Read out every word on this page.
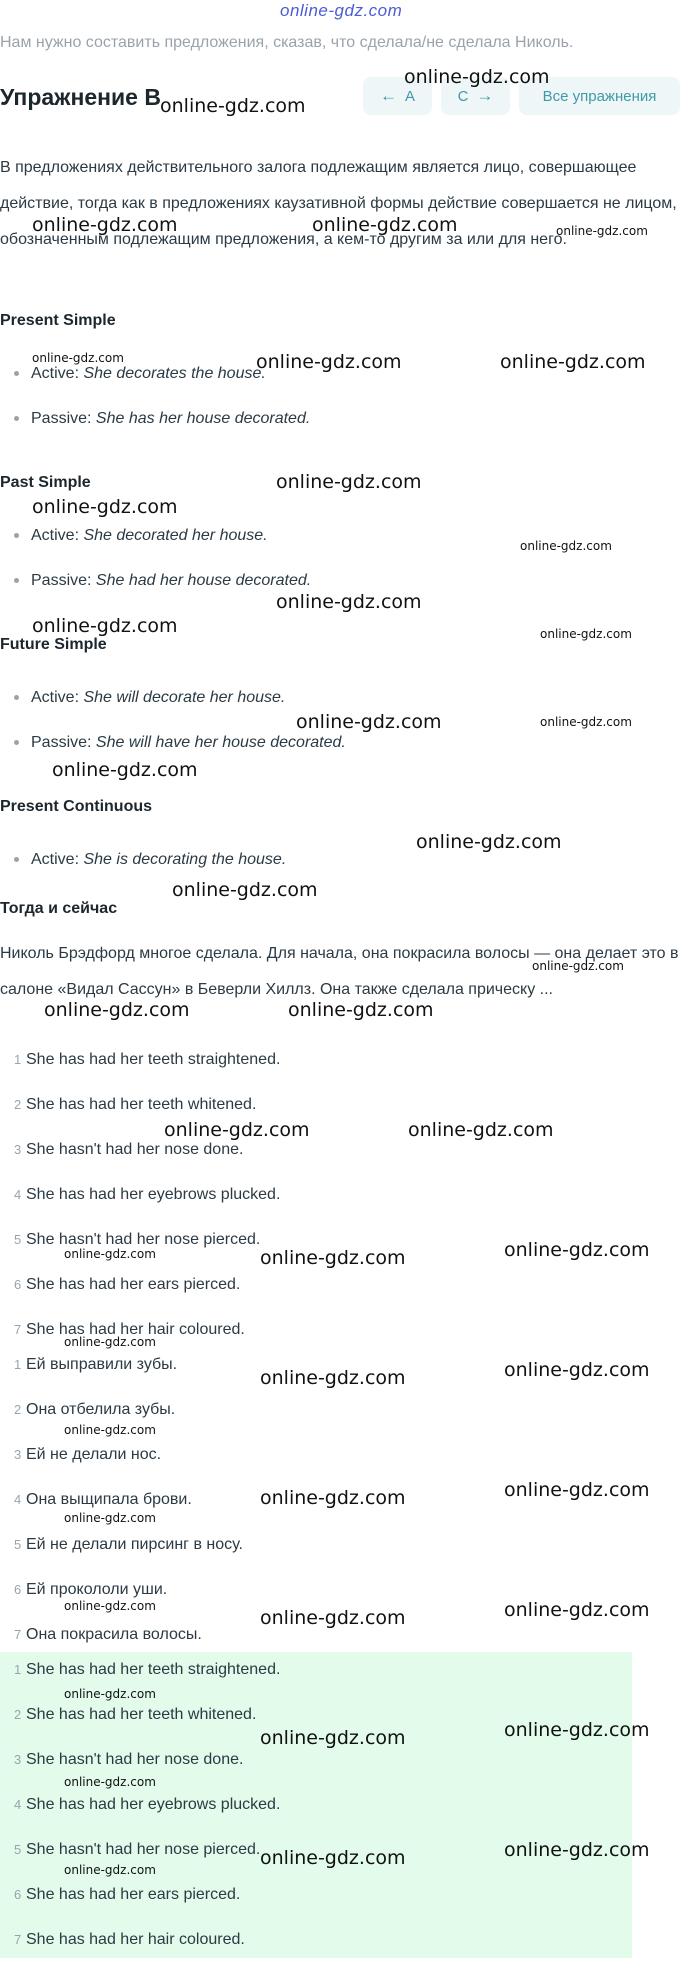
online-gdz.com
Нам нужно составить предложения, сказав, что сделала/не сделала Николь.
Упражнение B	← A	C →	Все упражнения
В предложениях действительного залога подлежащим является лицо, совершающее действие, тогда как в предложениях каузативной формы действие совершается не лицом, обозначенным подлежащим предложения, а кем-то другим за или для него.
Present Simple
Active: She decorates the house.
Passive: She has her house decorated.
Past Simple
Active: She decorated her house.
Passive: She had her house decorated.
Future Simple
Active: She will decorate her house.
Passive: She will have her house decorated.
Present Continuous
Active: She is decorating the house.
Тогда и сейчас
Николь Брэдфорд многое сделала. Для начала, она покрасила волосы — она делает это в салоне «Видал Сассун» в Беверли Хиллз. Она также сделала прическу ...
1 She has had her teeth straightened.
2 She has had her teeth whitened.
3 She hasn't had her nose done.
4 She has had her eyebrows plucked.
5 She hasn't had her nose pierced.
6 She has had her ears pierced.
7 She has had her hair coloured.
1 Ей выправили зубы.
2 Она отбелила зубы.
3 Ей не делали нос.
4 Она выщипала брови.
5 Ей не делали пирсинг в носу.
6 Ей прокололи уши.
7 Она покрасила волосы.
1 She has had her teeth straightened.
2 She has had her teeth whitened.
3 She hasn't had her nose done.
4 She has had her eyebrows plucked.
5 She hasn't had her nose pierced.
6 She has had her ears pierced.
7 She has had her hair coloured.
online-gdz.com
online-gdz.com
online-gdz.com	online-gdz.com	online-gdz.com
online-gdz.com	online-gdz.com	online-gdz.com
online-gdz.com
online-gdz.com
online-gdz.com
online-gdz.com
online-gdz.com	online-gdz.com
online-gdz.com	online-gdz.com
online-gdz.com
online-gdz.com
online-gdz.com
online-gdz.com
online-gdz.com	online-gdz.com
online-gdz.com	online-gdz.com
online-gdz.com	online-gdz.com
online-gdz.com
online-gdz.com
online-gdz.com	online-gdz.com
online-gdz.com
online-gdz.com	online-gdz.com
online-gdz.com
online-gdz.com
online-gdz.com	online-gdz.com
online-gdz.com
online-gdz.com	online-gdz.com
online-gdz.com
online-gdz.com	online-gdz.com
online-gdz.com
